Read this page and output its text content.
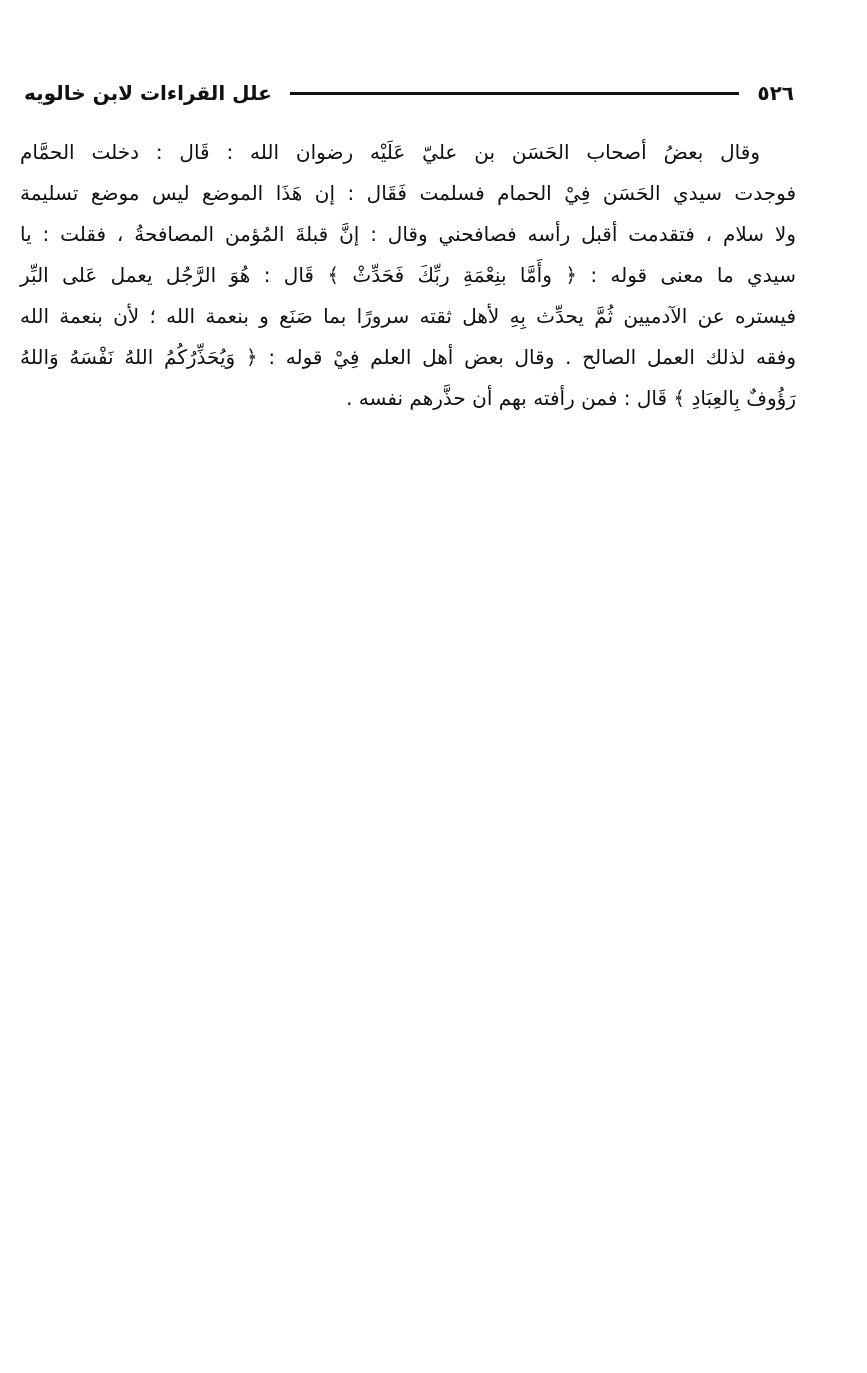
٥٢٦
علل القراءات لابن خالويه
وقال بعضُ أصحاب الحَسَن بن عليّ عَلَيْه رضوان الله : قَال : دخلت الحمَّام
فوجدت سيدي الحَسَن فِيْ الحمام فسلمت فَقَال : إن هَذَا الموضع ليس موضع تسليمة
ولا سلام ، فتقدمت أقبل رأسه فصافحني وقال : إنَّ قبلةَ المُؤمن المصافحةُ ، فقلت : يا
سيدي ما معنى قوله : ﴿ وأَمَّا بنِعْمَةِ ربِّكَ فَحَدِّثْ ﴾ قَال : هُوَ الرَّجُل يعمل عَلى البِّر
فيستره عن الآدميين ثُمَّ يحدِّث بِهِ لأهل ثقته سرورًا بما صَنَع و بنعمة الله ؛ لأن بنعمة الله
وفقه لذلك العمل الصالح . وقال بعض أهل العلم فِيْ قوله : ﴿ وَيُحَذِّرُكُمُ اللهُ نَفْسَهُ وَاللهُ
رَؤُوفٌ بِالعِبَادِ ﴾ قَال : فمن رأفته بهم أن حذَّرهم نفسه .
